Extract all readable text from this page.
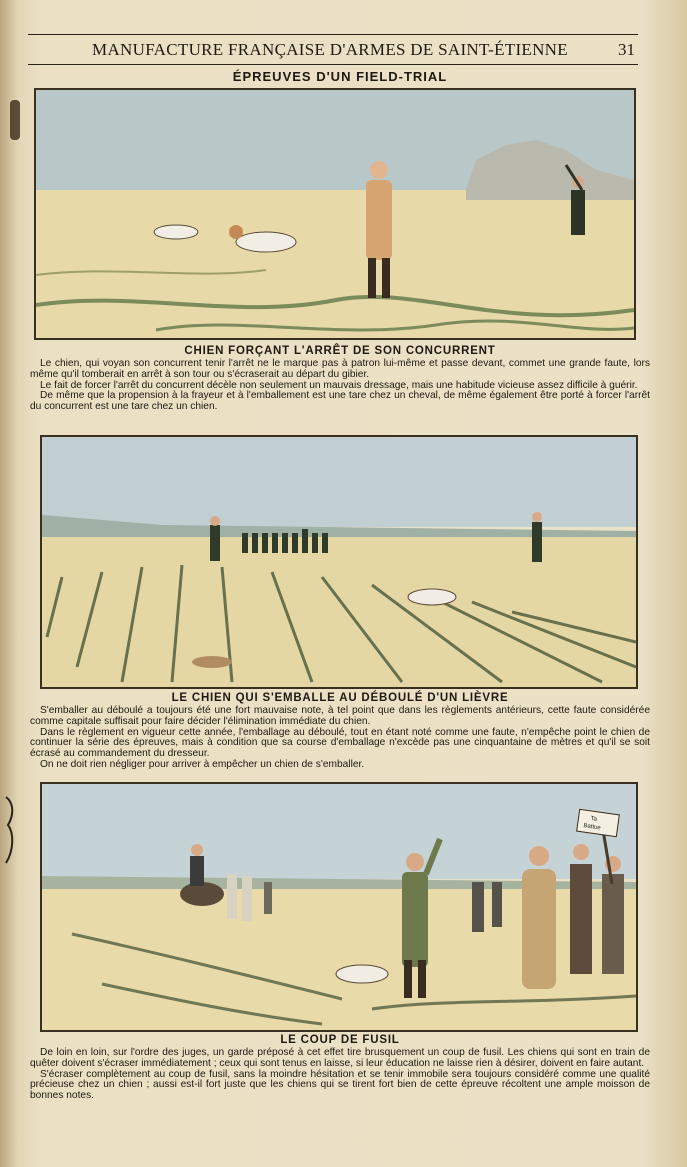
MANUFACTURE FRANÇAISE D'ARMES DE SAINT-ÉTIENNE	31
ÉPREUVES D'UN FIELD-TRIAL
CHIEN FORÇANT L'ARRÊT DE SON CONCURRENT

Le chien, qui voyan son concurrent tenir l'arrêt ne le marque pas à patron lui-même et passe devant, commet une grande faute, lors même qu'il tomberait en arrêt à son tour ou s'écraserait au départ du gibier.

Le fait de forcer l'arrêt du concurrent décèle non seulement un mauvais dressage, mais une habitude vicieuse assez difficile à guérir.

De même que la propension à la frayeur et à l'emballement est une tare chez un cheval, de même également être porté à forcer l'arrêt du concurrent est une tare chez un chien.

LE CHIEN QUI S'EMBALLE AU DÉBOULÉ D'UN LIÈVRE

S'emballer au déboulé a toujours été une fort mauvaise note, à tel point que dans les règlements antérieurs, cette faute considérée comme capitale suffisait pour faire décider l'élimination immédiate du chien.

Dans le règlement en vigueur cette année, l'emballage au déboulé, tout en étant noté comme une faute, n'empêche point le chien de continuer la série des épreuves, mais à condition que sa course d'emballage n'excède pas une cinquantaine de mètres et qu'il se soit écrasé au commandement du dresseur.

On ne doit rien négliger pour arriver à empêcher un chien de s'emballer.

Ta
Battue
LE COUP DE FUSIL

De loin en loin, sur l'ordre des juges, un garde préposé à cet effet tire brusquement un coup de fusil. Les chiens qui sont en train de quêter doivent s'écraser immédiatement ; ceux qui sont tenus en laisse, si leur éducation ne laisse rien à désirer, doivent en faire autant.

S'écraser complètement au coup de fusil, sans la moindre hésitation et se tenir immobile sera toujours considéré comme une qualité précieuse chez un chien ; aussi est-il fort juste que les chiens qui se tirent fort bien de cette épreuve récoltent une ample moisson de bonnes notes.
